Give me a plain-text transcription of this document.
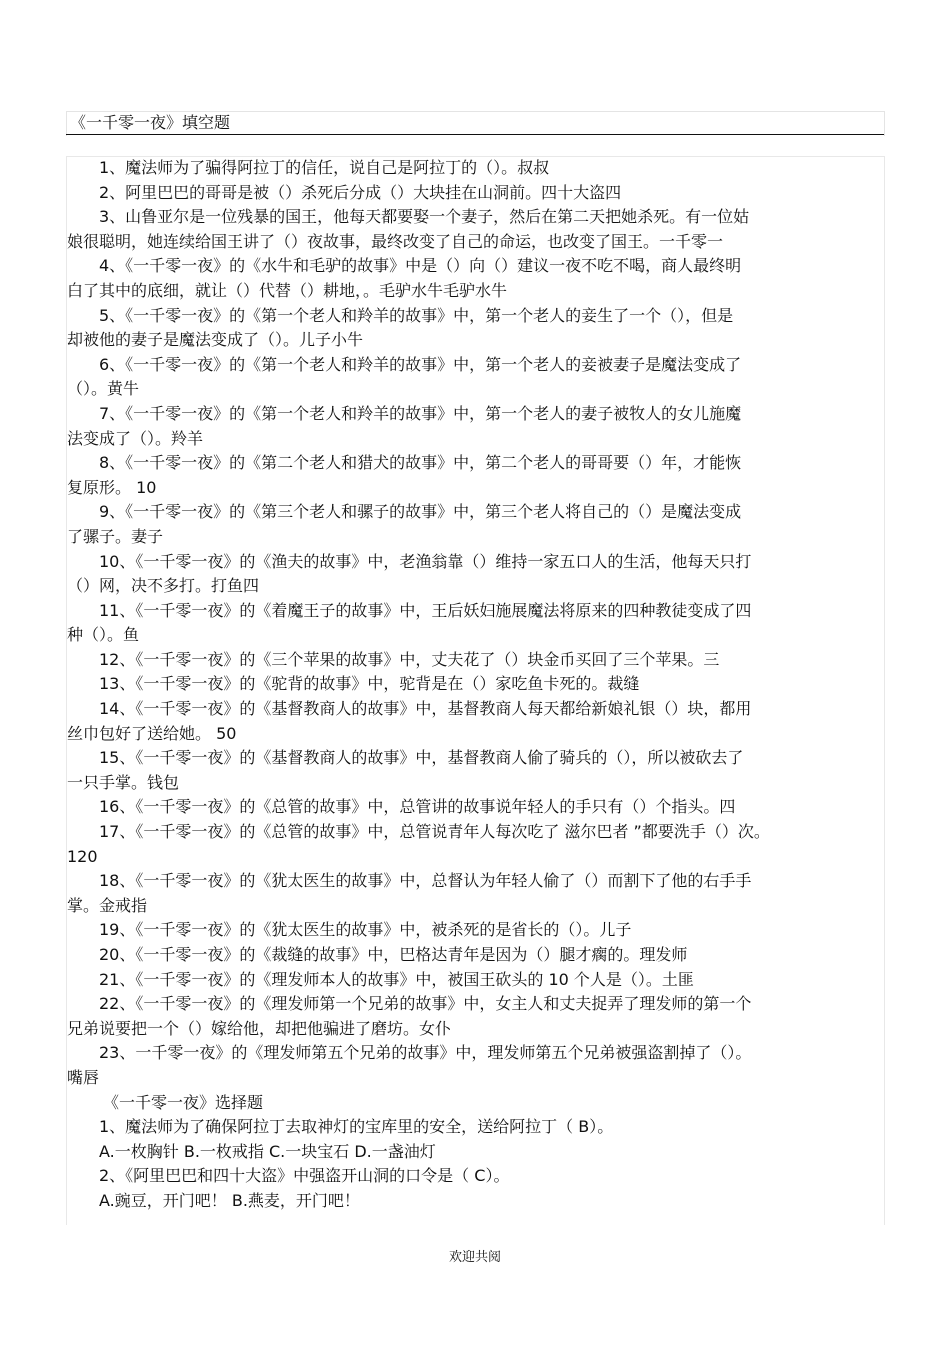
《一千零一夜》填空题
1、魔法师为了骗得阿拉丁的信任，说自己是阿拉丁的（）。叔叔
2、阿里巴巴的哥哥是被（）杀死后分成（）大块挂在山洞前。四十大盗四
3、山鲁亚尔是一位残暴的国王，他每天都要娶一个妻子，然后在第二天把她杀死。有一位姑
娘很聪明，她连续给国王讲了（）夜故事，最终改变了自己的命运，也改变了国王。一千零一
4、《一千零一夜》的《水牛和毛驴的故事》中是（）向（）建议一夜不吃不喝，商人最终明
白了其中的底细，就让（）代替（）耕地，。毛驴水牛毛驴水牛
5、《一千零一夜》的《第一个老人和羚羊的故事》中，第一个老人的妾生了一个（），但是
却被他的妻子是魔法变成了（）。儿子小牛
6、《一千零一夜》的《第一个老人和羚羊的故事》中，第一个老人的妾被妻子是魔法变成了
（）。黄牛
7、《一千零一夜》的《第一个老人和羚羊的故事》中，第一个老人的妻子被牧人的女儿施魔
法变成了（）。羚羊
8、《一千零一夜》的《第二个老人和猎犬的故事》中，第二个老人的哥哥要（）年，才能恢
复原形。 10
9、《一千零一夜》的《第三个老人和骡子的故事》中，第三个老人将自己的（）是魔法变成
了骡子。妻子
10、《一千零一夜》的《渔夫的故事》中，老渔翁靠（）维持一家五口人的生活，他每天只打
（）网，决不多打。打鱼四
11、《一千零一夜》的《着魔王子的故事》中，王后妖妇施展魔法将原来的四种教徒变成了四
种（）。鱼
12、《一千零一夜》的《三个苹果的故事》中，丈夫花了（）块金币买回了三个苹果。三
13、《一千零一夜》的《驼背的故事》中，驼背是在（）家吃鱼卡死的。裁缝
14、《一千零一夜》的《基督教商人的故事》中，基督教商人每天都给新娘礼银（）块，都用
丝巾包好了送给她。 50
15、《一千零一夜》的《基督教商人的故事》中，基督教商人偷了骑兵的（），所以被砍去了
一只手掌。钱包
16、《一千零一夜》的《总管的故事》中，总管讲的故事说年轻人的手只有（）个指头。四
17、《一千零一夜》的《总管的故事》中，总管说青年人每次吃了 滋尔巴者 ”都要洗手（）次。
120
18、《一千零一夜》的《犹太医生的故事》中，总督认为年轻人偷了（）而割下了他的右手手
掌。金戒指
19、《一千零一夜》的《犹太医生的故事》中，被杀死的是省长的（）。儿子
20、《一千零一夜》的《裁缝的故事》中，巴格达青年是因为（）腿才瘸的。理发师
21、《一千零一夜》的《理发师本人的故事》中，被国王砍头的 10 个人是（）。土匪
22、《一千零一夜》的《理发师第一个兄弟的故事》中，女主人和丈夫捉弄了理发师的第一个
兄弟说要把一个（）嫁给他，却把他骗进了磨坊。女仆
23、一千零一夜》的《理发师第五个兄弟的故事》中，理发师第五个兄弟被强盗割掉了（）。
嘴唇
《一千零一夜》选择题
1、魔法师为了确保阿拉丁去取神灯的宝库里的安全，送给阿拉丁（ B）。
A.一枚胸针 B.一枚戒指 C.一块宝石 D.一盏油灯
2、《阿里巴巴和四十大盗》中强盗开山洞的口令是（ C）。
A.豌豆，开门吧！ B.燕麦，开门吧！
欢迎共阅
